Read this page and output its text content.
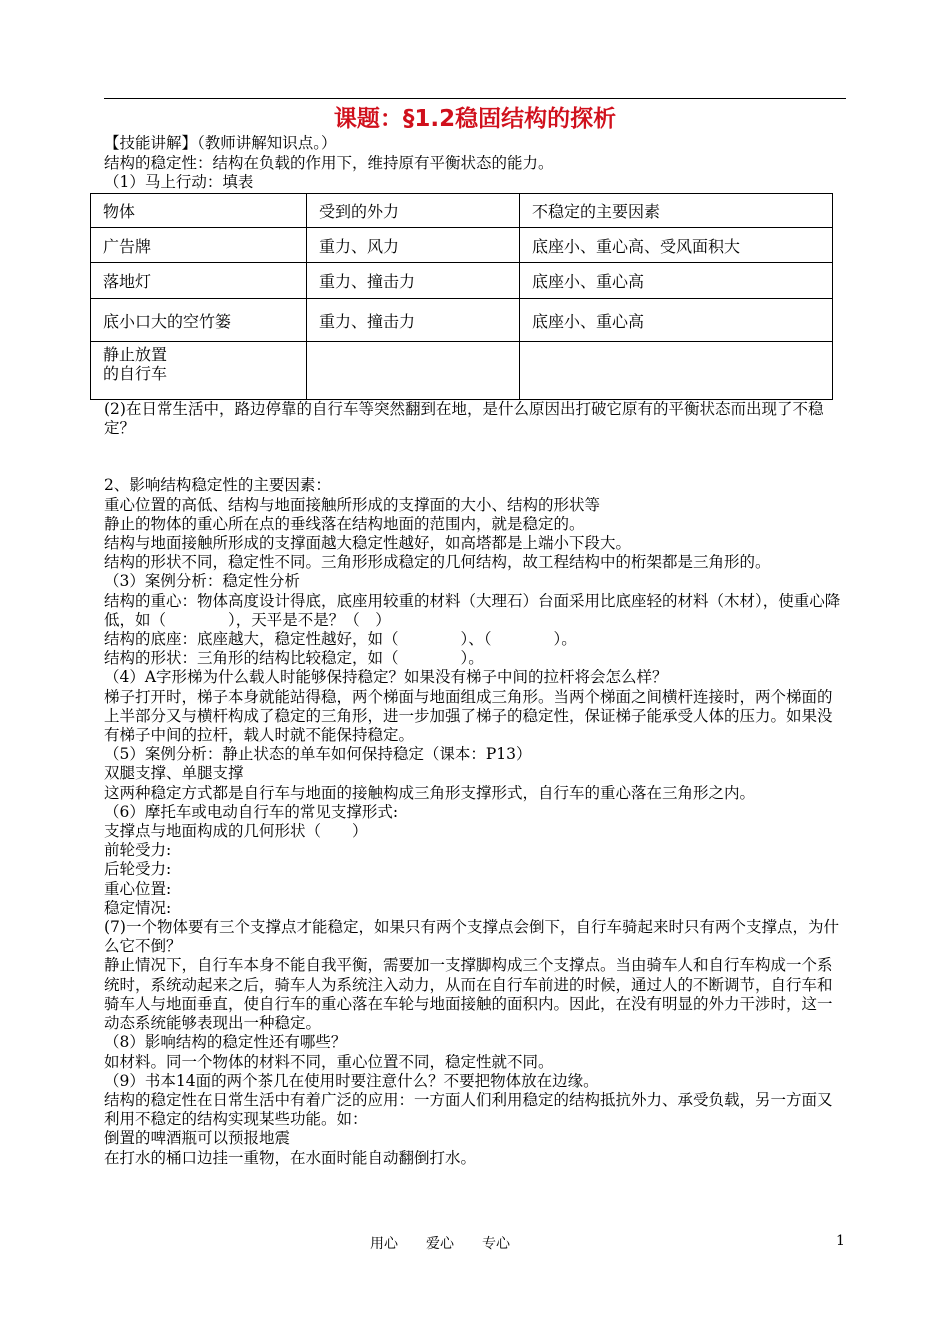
课题：§1.2稳固结构的探析
【技能讲解】（教师讲解知识点。）
结构的稳定性：结构在负载的作用下，维持原有平衡状态的能力。
（1）马上行动：填表
物体	受到的外力	不稳定的主要因素
广告牌	重力、风力	底座小、重心高、受风面积大
落地灯	重力、撞击力	底座小、重心高
底小口大的空竹篓	重力、撞击力	底座小、重心高
静止放置
的自行车		
(2)在日常生活中，路边停靠的自行车等突然翻到在地，是什么原因出打破它原有的平衡状态而出现了不稳定？
2、影响结构稳定性的主要因素：
重心位置的高低、结构与地面接触所形成的支撑面的大小、结构的形状等
静止的物体的重心所在点的垂线落在结构地面的范围内，就是稳定的。
结构与地面接触所形成的支撑面越大稳定性越好，如高塔都是上端小下段大。
结构的形状不同，稳定性不同。三角形形成稳定的几何结构，故工程结构中的桁架都是三角形的。
（3）案例分析：稳定性分析
结构的重心：物体高度设计得底，底座用较重的材料（大理石）台面采用比底座轻的材料（木材），使重心降低，如（　　　　），天平是不是？（　）
结构的底座：底座越大，稳定性越好，如（　　　　）、（　　　　）。
结构的形状：三角形的结构比较稳定，如（　　　　）。
（4）A字形梯为什么载人时能够保持稳定？如果没有梯子中间的拉杆将会怎么样？
梯子打开时，梯子本身就能站得稳，两个梯面与地面组成三角形。当两个梯面之间横杆连接时，两个梯面的上半部分又与横杆构成了稳定的三角形，进一步加强了梯子的稳定性，保证梯子能承受人体的压力。如果没有梯子中间的拉杆，载人时就不能保持稳定。
（5）案例分析：静止状态的单车如何保持稳定（课本：P13）
双腿支撑、单腿支撑
这两种稳定方式都是自行车与地面的接触构成三角形支撑形式，自行车的重心落在三角形之内。
（6）摩托车或电动自行车的常见支撑形式:
支撑点与地面构成的几何形状（　　）
前轮受力:
后轮受力:
重心位置:
稳定情况:
(7)一个物体要有三个支撑点才能稳定，如果只有两个支撑点会倒下，自行车骑起来时只有两个支撑点，为什么它不倒？
静止情况下，自行车本身不能自我平衡，需要加一支撑脚构成三个支撑点。当由骑车人和自行车构成一个系统时，系统动起来之后，骑车人为系统注入动力，从而在自行车前进的时候，通过人的不断调节，自行车和骑车人与地面垂直，使自行车的重心落在车轮与地面接触的面积内。因此，在没有明显的外力干涉时，这一动态系统能够表现出一种稳定。
（8）影响结构的稳定性还有哪些？
如材料。同一个物体的材料不同，重心位置不同，稳定性就不同。
（9）书本14面的两个茶几在使用时要注意什么？不要把物体放在边缘。
结构的稳定性在日常生活中有着广泛的应用：一方面人们利用稳定的结构抵抗外力、承受负载，另一方面又利用不稳定的结构实现某些功能。如：
倒置的啤酒瓶可以预报地震
在打水的桶口边挂一重物，在水面时能自动翻倒打水。
用心　　爱心　　专心	1
